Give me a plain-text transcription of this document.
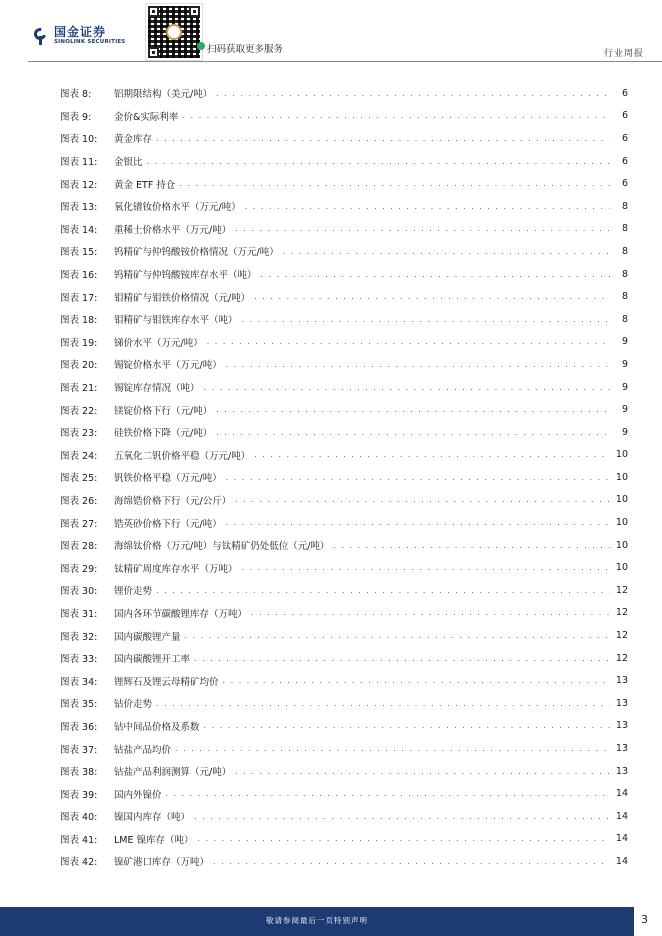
国金证券
SINOLINK SECURITIES
扫码获取更多服务	行业周报
图表 8:	铝期限结构（美元/吨） . . .	6
图表 9:	金价&实际利率 . . .	6
图表 10:	黄金库存 . . .	6
图表 11:	金银比 . . .	6
图表 12:	黄金 ETF 持仓 . . .	6
图表 13:	氧化镨钕价格水平（万元/吨） . . .	8
图表 14:	重稀土价格水平（万元/吨） . . .	8
图表 15:	钨精矿与仲钨酸铵价格情况（万元/吨） . . .	8
图表 16:	钨精矿与仲钨酸铵库存水平（吨） . . .	8
图表 17:	钼精矿与钼铁价格情况（元/吨） . . .	8
图表 18:	钼精矿与钼铁库存水平（吨） . . .	8
图表 19:	锑价水平（万元/吨） . . .	9
图表 20:	锡锭价格水平（万元/吨） . . .	9
图表 21:	锡锭库存情况（吨） . . .	9
图表 22:	镁锭价格下行（元/吨） . . .	9
图表 23:	硅铁价格下降（元/吨） . . .	9
图表 24:	五氧化二钒价格平稳（万元/吨） . . .	10
图表 25:	钒铁价格平稳（万元/吨） . . .	10
图表 26:	海绵锆价格下行（元/公斤） . . .	10
图表 27:	锆英砂价格下行（元/吨） . . .	10
图表 28:	海绵钛价格（万元/吨）与钛精矿仍处低位（元/吨） . . .	10
图表 29:	钛精矿周度库存水平（万吨） . . .	10
图表 30:	锂价走势 . . .	12
图表 31:	国内各环节碳酸锂库存（万吨） . . .	12
图表 32:	国内碳酸锂产量 . . .	12
图表 33:	国内碳酸锂开工率 . . .	12
图表 34:	锂辉石及锂云母精矿均价 . . .	13
图表 35:	钴价走势 . . .	13
图表 36:	钴中间品价格及系数 . . .	13
图表 37:	钴盐产品均价 . . .	13
图表 38:	钴盐产品利润测算（元/吨） . . .	13
图表 39:	国内外镍价 . . .	14
图表 40:	镍国内库存（吨） . . .	14
图表 41:	LME 镍库存（吨） . . .	14
图表 42:	镍矿港口库存（万吨） . . .	14
敬请参阅最后一页特别声明	3
